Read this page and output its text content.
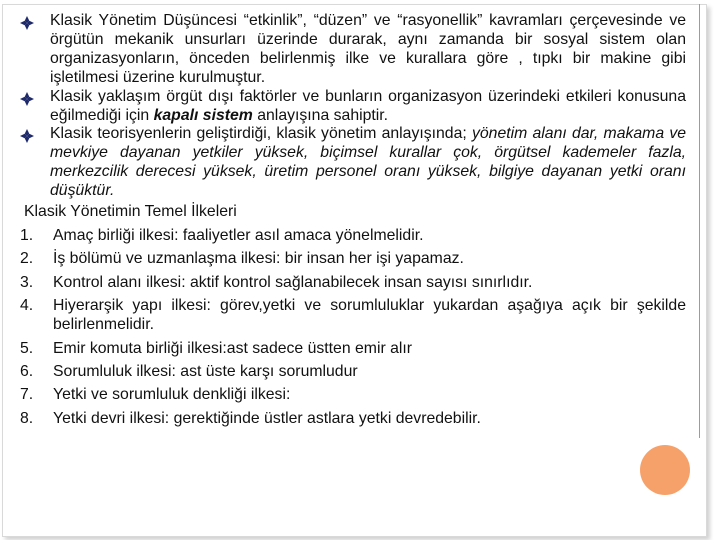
Klasik Yönetim Düşüncesi “etkinlik”, “düzen” ve “rasyonellik” kavramları çerçevesinde ve örgütün mekanik unsurları üzerinde durarak, aynı zamanda bir sosyal sistem olan organizasyonların, önceden belirlenmiş ilke ve kurallara göre , tıpkı bir makine gibi işletilmesi üzerine kurulmuştur.
Klasik yaklaşım örgüt dışı faktörler ve bunların organizasyon üzerindeki etkileri konusuna eğilmediği için kapalı sistem anlayışına sahiptir.
Klasik teorisyenlerin geliştirdiği, klasik yönetim anlayışında; yönetim alanı dar, makama ve mevkiye dayanan yetkiler yüksek, biçimsel kurallar çok, örgütsel kademeler fazla, merkezcilik derecesi yüksek, üretim personel oranı yüksek, bilgiye dayanan yetki oranı düşüktür.
Klasik Yönetimin Temel İlkeleri
1.	Amaç birliği ilkesi: faaliyetler asıl amaca yönelmelidir.
2.	İş bölümü ve uzmanlaşma ilkesi: bir insan her işi yapamaz.
3.	Kontrol alanı ilkesi: aktif kontrol sağlanabilecek insan sayısı sınırlıdır.
4.	Hiyerarşik yapı ilkesi: görev,yetki ve sorumluluklar yukardan aşağıya açık bir şekilde belirlenmelidir.
5.	Emir komuta birliği ilkesi:ast sadece üstten emir alır
6.	Sorumluluk ilkesi: ast üste karşı sorumludur
7.	Yetki ve sorumluluk denkliği ilkesi:
8.	Yetki devri ilkesi: gerektiğinde üstler astlara yetki devredebilir.
